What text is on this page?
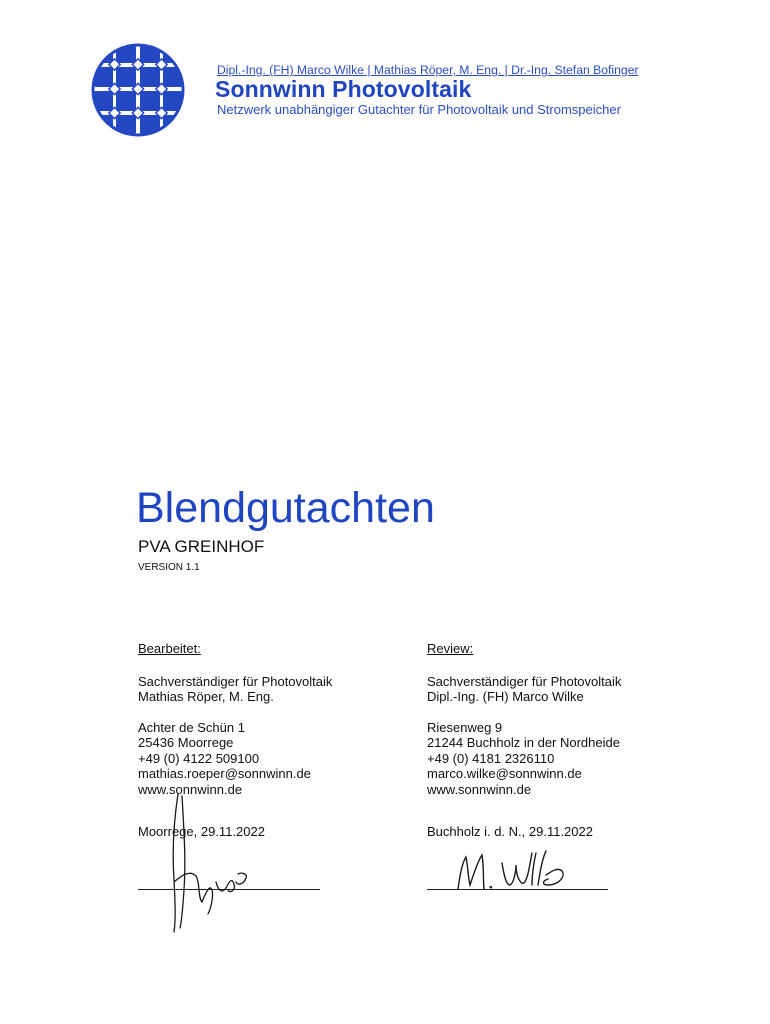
Dipl.-Ing. (FH) Marco Wilke | Mathias Röper, M. Eng. | Dr.-Ing. Stefan Bofinger
Sonnwinn Photovoltaik
Netzwerk unabhängiger Gutachter für Photovoltaik und Stromspeicher
Blendgutachten
PVA GREINHOF
VERSION 1.1
Bearbeitet:
Sachverständiger für Photovoltaik
Mathias Röper, M. Eng.
Achter de Schün 1
25436 Moorrege
+49 (0) 4122 509100
mathias.roeper@sonnwinn.de
www.sonnwinn.de
Moorrege, 29.11.2022
Review:
Sachverständiger für Photovoltaik
Dipl.-Ing. (FH) Marco Wilke
Riesenweg 9
21244 Buchholz in der Nordheide
+49 (0) 4181 2326110
marco.wilke@sonnwinn.de
www.sonnwinn.de
Buchholz i. d. N., 29.11.2022
